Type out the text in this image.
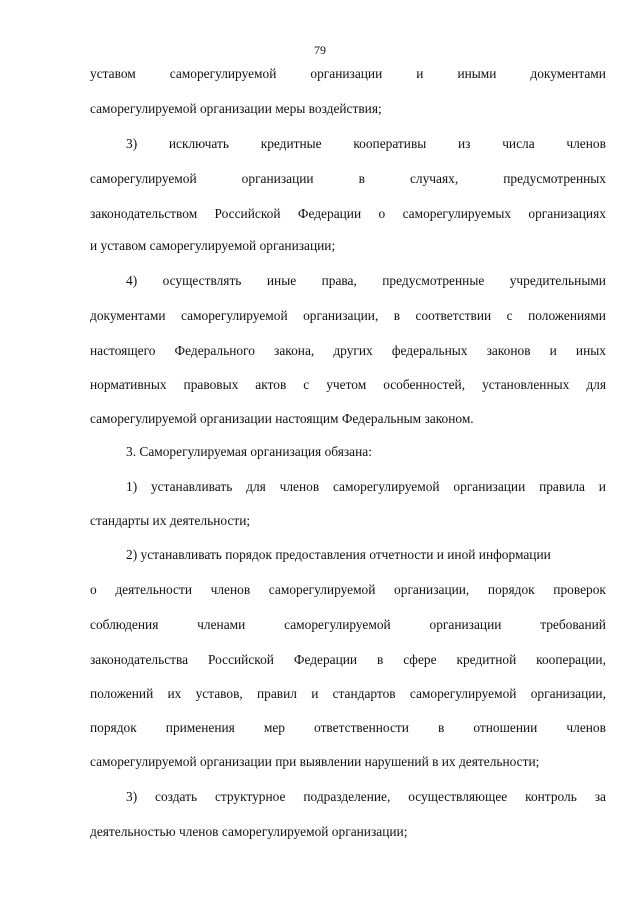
79
уставом	саморегулируемой	организации	и	иными	документами
саморегулируемой организации меры воздействия;
3) исключать кредитные кооперативы из числа членов
саморегулируемой	организации	в	случаях,	предусмотренных
законодательством Российской Федерации о саморегулируемых организациях
и уставом саморегулируемой организации;
4) осуществлять иные права, предусмотренные учредительными
документами саморегулируемой организации, в соответствии с положениями
настоящего Федерального закона, других федеральных законов и иных
нормативных правовых актов с учетом особенностей, установленных для
саморегулируемой организации настоящим Федеральным законом.
3. Саморегулируемая организация обязана:
1) устанавливать для членов саморегулируемой организации правила и
стандарты их деятельности;
2) устанавливать порядок предоставления отчетности и иной информации
о деятельности членов саморегулируемой организации, порядок проверок
соблюдения	членами	саморегулируемой	организации	требований
законодательства Российской Федерации в сфере кредитной кооперации,
положений их уставов, правил и стандартов саморегулируемой организации,
порядок применения мер ответственности в отношении членов
саморегулируемой организации при выявлении нарушений в их деятельности;
3) создать структурное подразделение, осуществляющее контроль за
деятельностью членов саморегулируемой организации;
